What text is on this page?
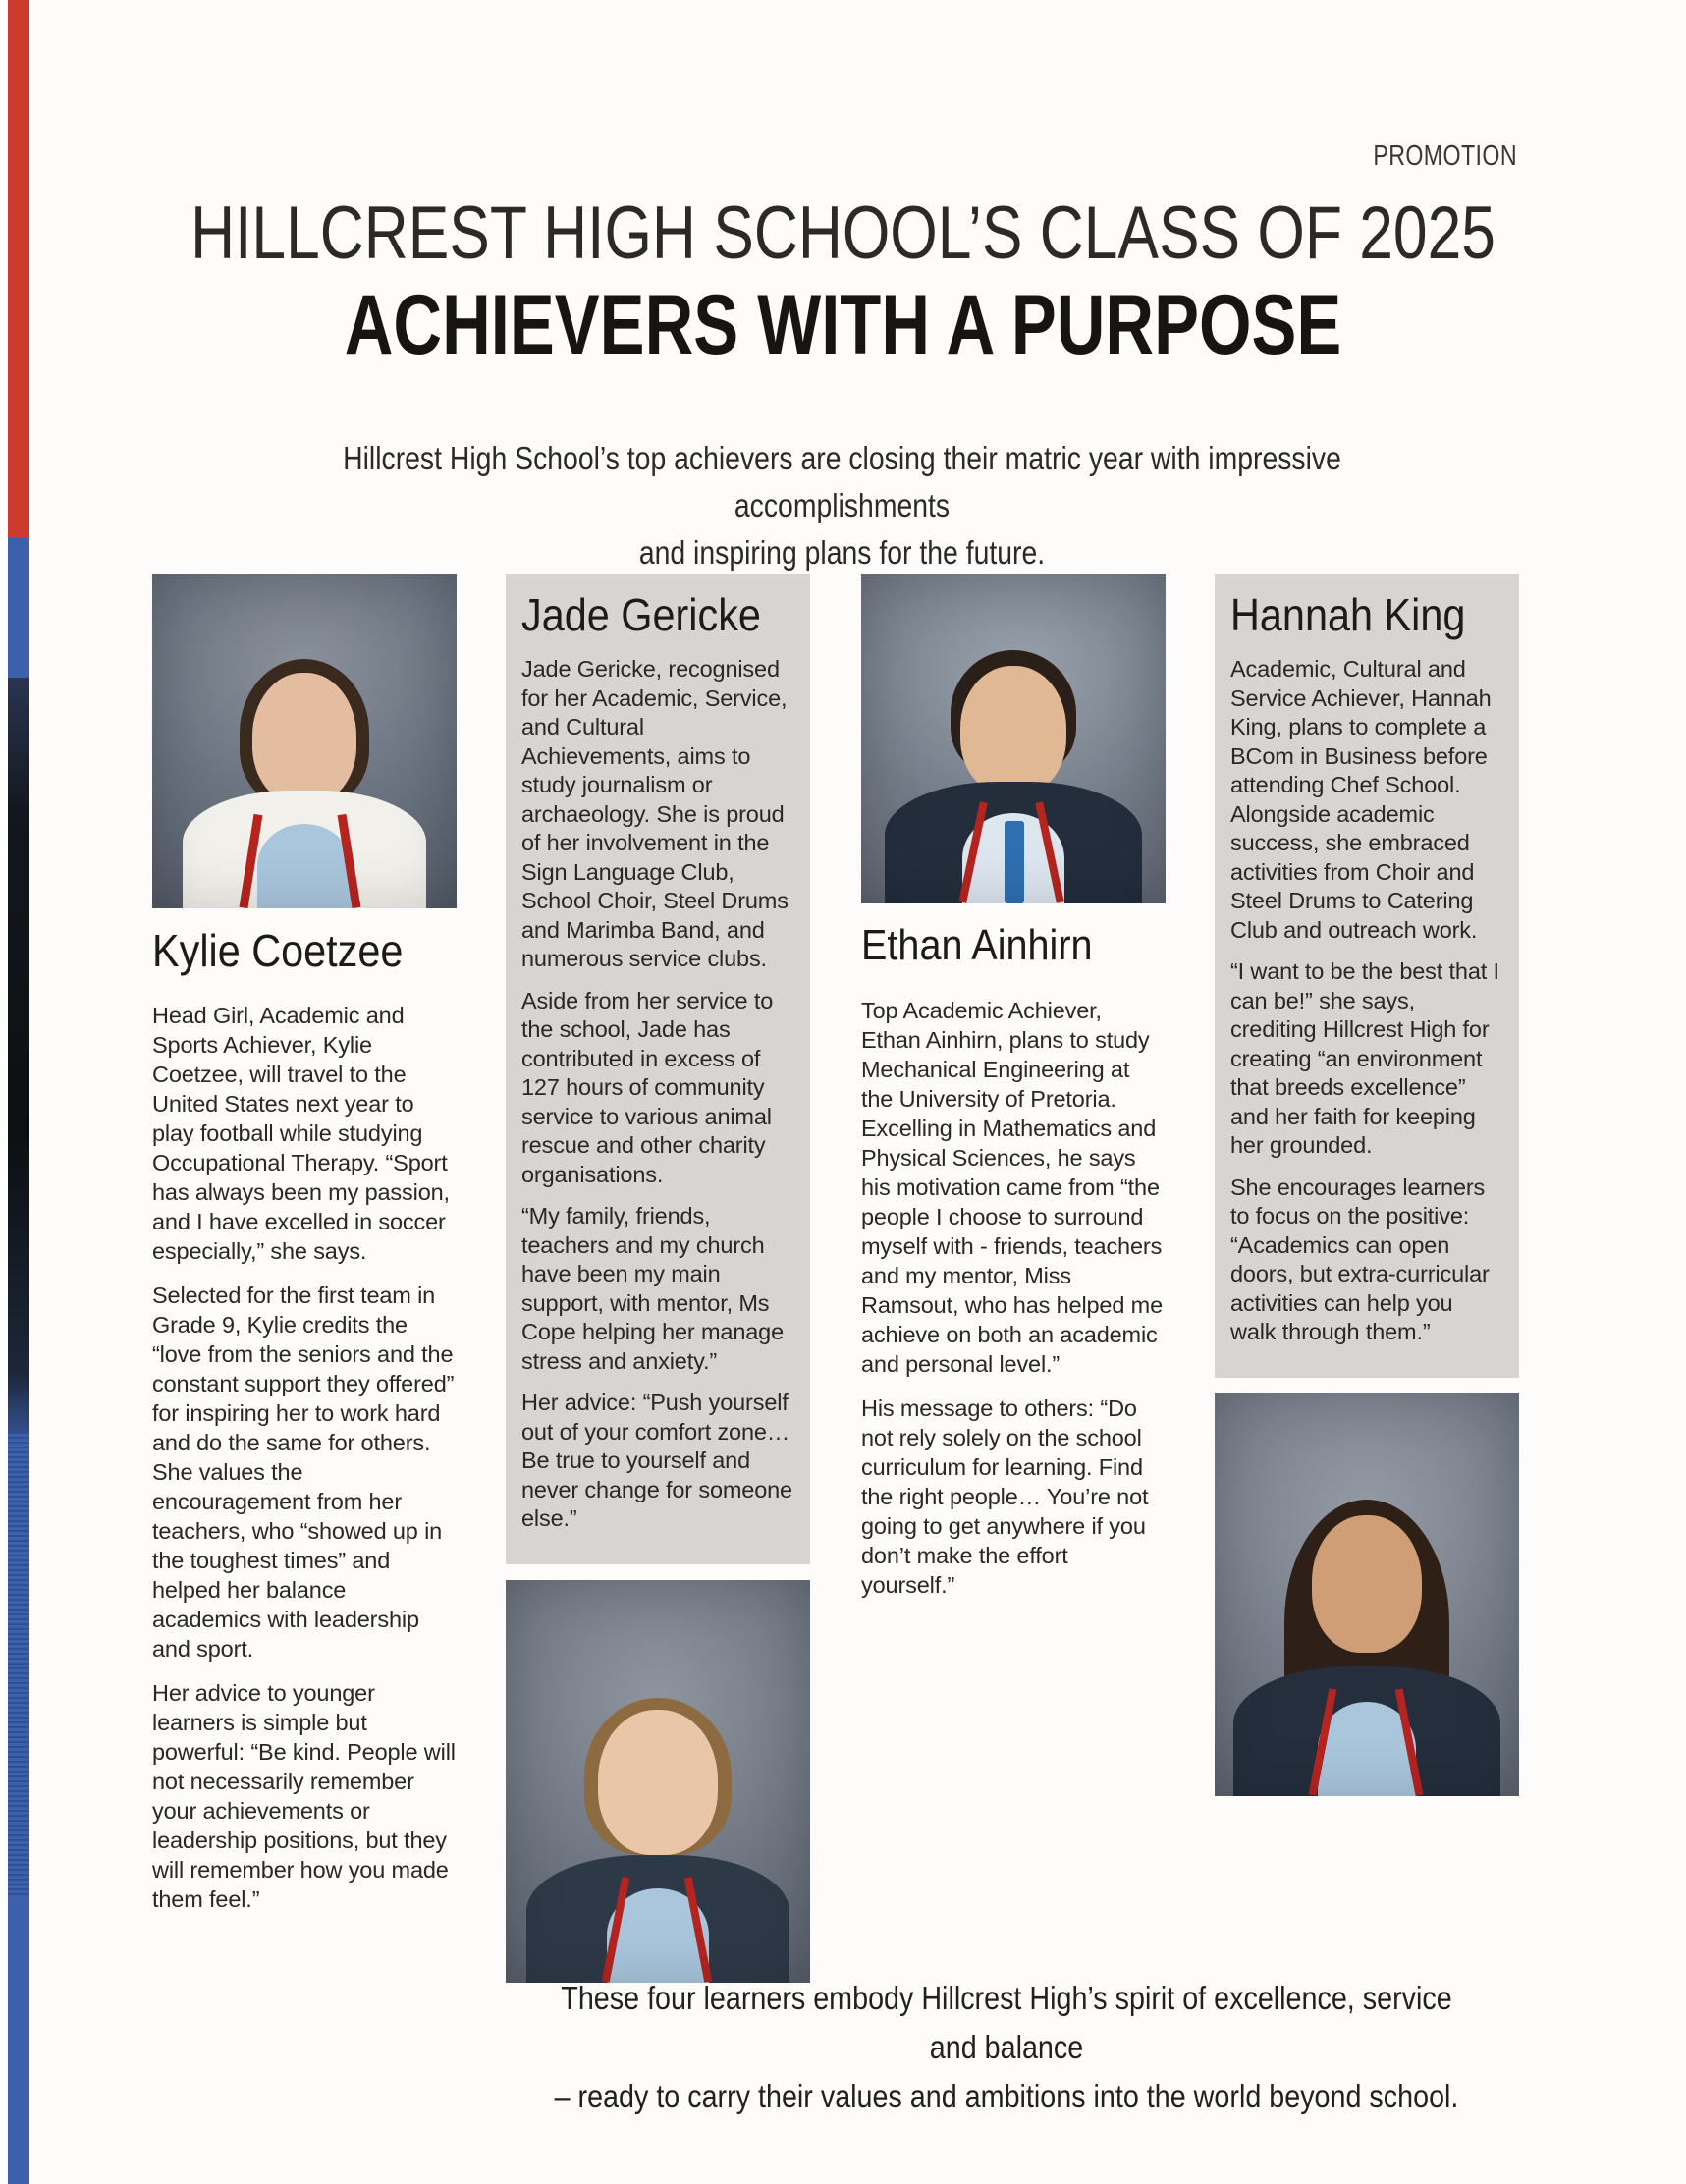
PROMOTION
HILLCREST HIGH SCHOOL’S CLASS OF 2025
ACHIEVERS WITH A PURPOSE
Hillcrest High School’s top achievers are closing their matric year with impressive accomplishments
and inspiring plans for the future.
Kylie Coetzee

Head Girl, Academic and Sports Achiever, Kylie Coetzee, will travel to the United States next year to play football while studying Occupational Therapy. “Sport has always been my passion, and I have excelled in soccer especially,” she says.

Selected for the first team in Grade 9, Kylie credits the “love from the seniors and the constant support they offered” for inspiring her to work hard and do the same for others. She values the encouragement from her teachers, who “showed up in the toughest times” and helped her balance academics with leadership and sport.

Her advice to younger learners is simple but powerful: “Be kind. People will not necessarily remember your achievements or leadership positions, but they will remember how you made them feel.”

Jade Gericke

Jade Gericke, recognised for her Academic, Service, and Cultural Achievements, aims to study journalism or archaeology. She is proud of her involvement in the Sign Language Club, School Choir, Steel Drums and Marimba Band, and numerous service clubs.

Aside from her service to the school, Jade has contributed in excess of 127 hours of community service to various animal rescue and other charity organisations.

“My family, friends, teachers and my church have been my main support, with mentor, Ms Cope helping her manage stress and anxiety.”

Her advice: “Push yourself out of your comfort zone… Be true to yourself and never change for someone else.”

Ethan Ainhirn

Top Academic Achiever, Ethan Ainhirn, plans to study Mechanical Engineering at the University of Pretoria. Excelling in Mathematics and Physical Sciences, he says his motivation came from “the people I choose to surround myself with - friends, teachers and my mentor, Miss Ramsout, who has helped me achieve on both an academic and personal level.”

His message to others: “Do not rely solely on the school curriculum for learning. Find the right people… You’re not going to get anywhere if you don’t make the effort yourself.”

Hannah King

Academic, Cultural and Service Achiever, Hannah King, plans to complete a BCom in Business before attending Chef School. Alongside academic success, she embraced activities from Choir and Steel Drums to Catering Club and outreach work.

“I want to be the best that I can be!” she says, crediting Hillcrest High for creating “an environment that breeds excellence” and her faith for keeping her grounded.

She encourages learners to focus on the positive: “Academics can open doors, but extra-curricular activities can help you walk through them.”

These four learners embody Hillcrest High’s spirit of excellence, service and balance
– ready to carry their values and ambitions into the world beyond school.
